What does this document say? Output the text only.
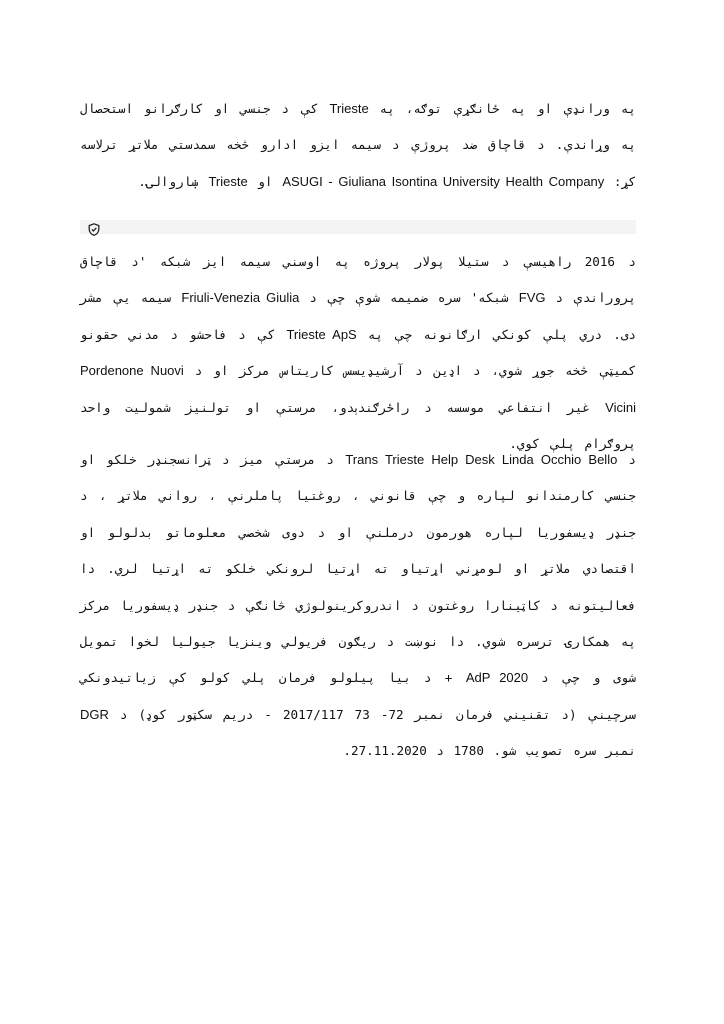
په ورانډې او په ځانګړې توګه، په Trieste کې د جنسي او کارګرانو استحصال په وړاندې. د قاچاق ضد پروژې د سیمه ایزو ادارو څخه سمدستي ملاتړ ترلاسه کړ: ASUGI - Giuliana Isontina University Health Company او Trieste ښاروالۍ.
د 2016 راهیسې د ستیلا پولار پروژه په اوسني سیمه ایز شبکه 'د قاچاق پروراندې د FVG شبکه' سره ضمیمه شوې چې د Friuli-Venezia Giulia سیمه یې مشر دی. دري پلې کونکي ارګانونه چې په Trieste ApS کې د فاحشو د مدني حقونو کمیټې څخه جوړ شوي، د اډین د آرشیډیسس کاریتاس مرکز او د Pordenone Nuovi Vicini غیر انتفاعي موسسه د راځرګندېدو، مرستې او تولنیز شمولیت واحد پروګرام پلې کوي.
د Trans Trieste Help Desk Linda Occhio Bello د مرستې میز د ټرانسجنډر خلکو او جنسي کارمندانو لپاره و چې قانوني ، روغتیا پاملرنې ، رواني ملاتړ ، د جنډر ډیسفوریا لپاره هورمون درملنې او د دوی شخصي معلوماتو بدلولو او اقتصادي ملاتړ او لومړني اړتیاو ته اړتیا لرونکي خلکو ته اړتیا لري. دا فعالیتونه د کاټینارا روغتون د اندروکرینولوژي څانګې د جنډر ډیسفوریا مرکز په همکارۍ ترسره شوي. دا نوښت د ریګون فریولي وینزیا جیولیا لخوا تمویل شوی و چې د AdP 2020 + د بیا پیلولو فرمان پلي کولو کې زیاتیدونکي سرچینې (د تقنیني فرمان نمبر 72- 73 2017/117 - دریم سکټور کوډ) د DGR نمبر سره تصویب شو. 1780 د 27.11.2020.
